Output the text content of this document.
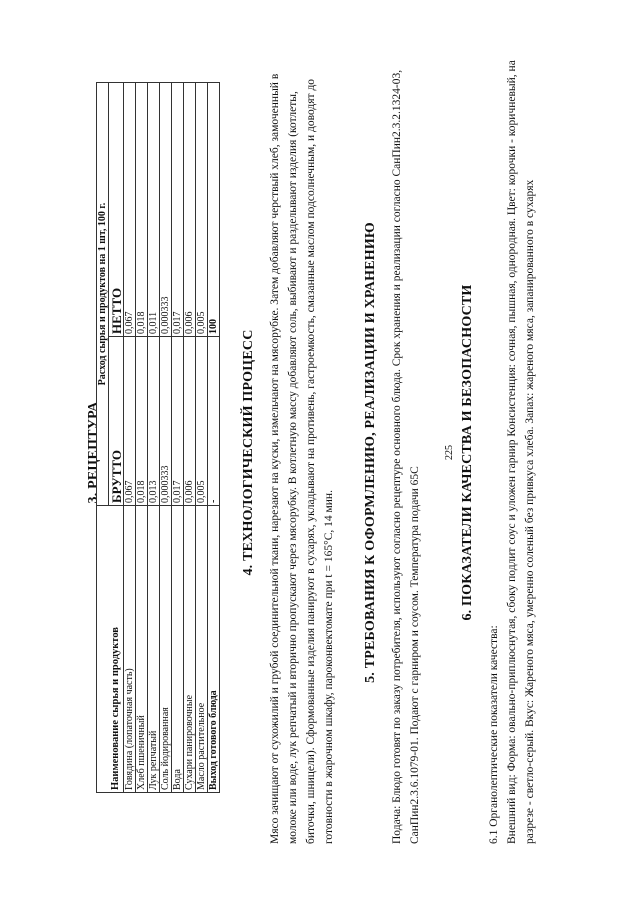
3. РЕЦЕПТУРА
Наименование сырья и продуктов	Расход сырья и продуктов на 1 шт, 100 г.	
	БРУТТО	НЕТТО
Говядина (лопаточная часть)	0,067	0,067
Хлеб пшеничный	0,018	0,018
Лук репчатый	0,013	0,011
Соль йодированная	0,000333	0,000333
Вода	0,017	0,017
Сухари панировочные	0,006	0,006
Масло растительное	0,005	0,005
Выход готового блюда	-	100
4. ТЕХНОЛОГИЧЕСКИЙ ПРОЦЕСС Мясо зачищают от сухожилий и грубой соединительной ткани, нарезают на куски, измельчают на мясорубке. Затем добавляют черствый хлеб, замоченный в молоке или воде, лук репчатый и вторично пропускают через мясорубку. В котлетную массу добавляют соль, выбивают и разделывают изделия (котлеты, биточки, шницели). Сформованные изделия панируют в сухарях, укладывают на противень, гастроемкость, смазанные маслом подсолнечным, и доводят до готовности в жарочном шкафу, пароконвектомате при t = 165°С, 14 мин. 5. ТРЕБОВАНИЯ К ОФОРМЛЕНИЮ, РЕАЛИЗАЦИИ И ХРАНЕНИЮ Подача: Блюдо готовят по заказу потребителя, используют согласно рецептуре основного блюда. Срок хранения и реализации согласно СанПин2.3.2.1324-03, СанПин2.3.6.1079-01. Подают с гарниром и соусом. Температура подачи 65С
225 6. ПОКАЗАТЕЛИ КАЧЕСТВА И БЕЗОПАСНОСТИ
6.1 Органолептические показатели качества: Внешний вид: Форма: овально-приплюснутая, сбоку подлит соус и уложен гарнир Консистенция: сочная, пышная, однородная. Цвет: корочки - коричневый, на разрезе - светло-серый. Вкус: Жареного мяса, умеренно соленый без привкуса хлеба. Запах: жареного мяса, запанированного в сухарях
